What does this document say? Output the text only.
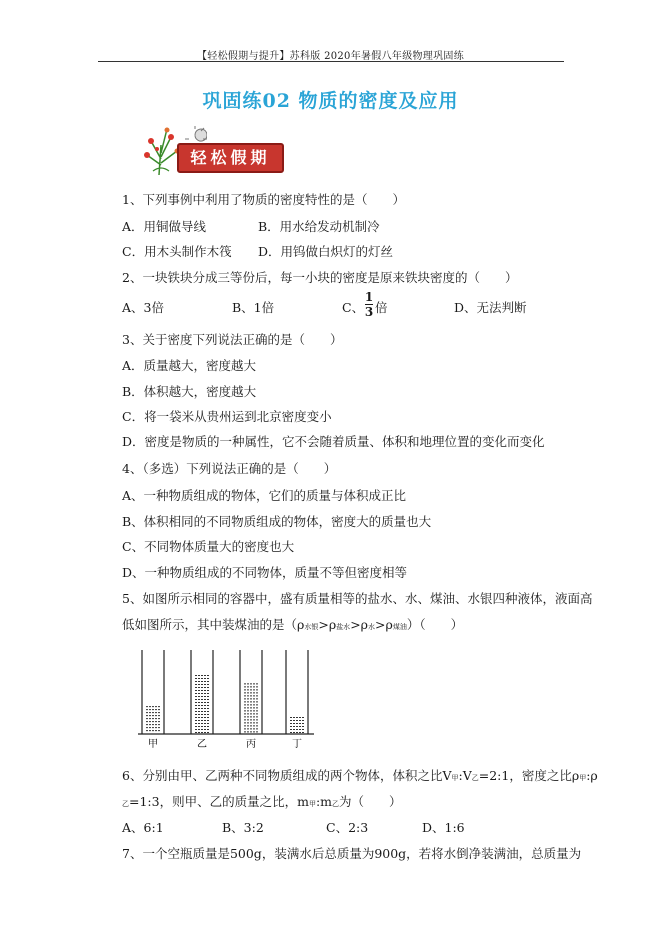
【轻松假期与提升】苏科版 2020年暑假八年级物理巩固练
巩固练02 物质的密度及应用
轻松假期
1、下列事例中利用了物质的密度特性的是（　　）
A．用铜做导线	B．用水给发动机制冷
C．用木头制作木筏 D．用钨做白炽灯的灯丝
2、一块铁块分成三等份后，每一小块的密度是原来铁块密度的（　　）
A、3倍	B、1倍	C、
1
3 倍	D、无法判断
3、关于密度下列说法正确的是（　　）
A．质量越大，密度越大
B．体积越大，密度越大
C．将一袋米从贵州运到北京密度变小
D．密度是物质的一种属性，它不会随着质量、体积和地理位置的变化而变化
4、（多选）下列说法正确的是（　　）
A、一种物质组成的物体，它们的质量与体积成正比
B、体积相同的不同物质组成的物体，密度大的质量也大
C、不同物体质量大的密度也大
D、一种物质组成的不同物体，质量不等但密度相等
5、如图所示相同的容器中，盛有质量相等的盐水、水、煤油、水银四种液体，液面高
低如图所示，其中装煤油的是（ρ水银>ρ盐水>ρ水>ρ煤油）（　　）
甲	乙	丙	丁
6、分别由甲、乙两种不同物质组成的两个物体，体积之比V甲:V乙=2:1，密度之比ρ甲:ρ
乙=1:3，则甲、乙的质量之比，m甲:m乙为（　　）
A、6:1	B、3:2	C、2:3	D、1:6
7、一个空瓶质量是500g，装满水后总质量为900g，若将水倒净装满油，总质量为
